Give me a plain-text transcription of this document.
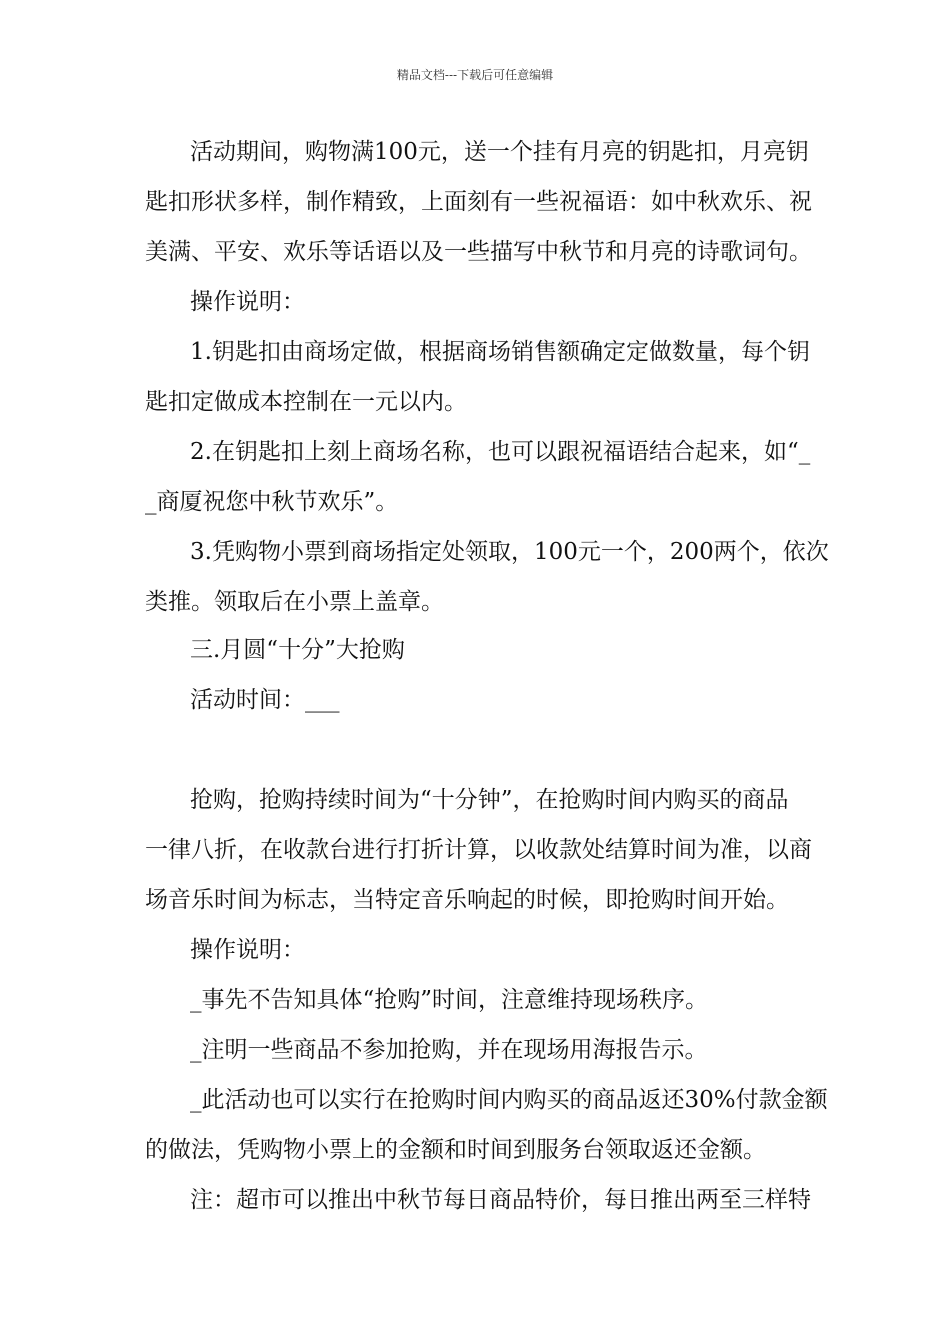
精品文档---下载后可任意编辑
活动期间，购物满100元，送一个挂有月亮的钥匙扣，月亮钥
匙扣形状多样，制作精致，上面刻有一些祝福语：如中秋欢乐、祝
美满、平安、欢乐等话语以及一些描写中秋节和月亮的诗歌词句。
操作说明：
1.钥匙扣由商场定做，根据商场销售额确定定做数量，每个钥
匙扣定做成本控制在一元以内。
2.在钥匙扣上刻上商场名称，也可以跟祝福语结合起来，如“_
_商厦祝您中秋节欢乐”。
3.凭购物小票到商场指定处领取，100元一个，200两个，依次
类推。领取后在小票上盖章。
三.月圆“十分”大抢购
活动时间：___
抢购，抢购持续时间为“十分钟”，在抢购时间内购买的商品
一律八折，在收款台进行打折计算，以收款处结算时间为准，以商
场音乐时间为标志，当特定音乐响起的时候，即抢购时间开始。
操作说明：
_事先不告知具体“抢购”时间，注意维持现场秩序。
_注明一些商品不参加抢购，并在现场用海报告示。
_此活动也可以实行在抢购时间内购买的商品返还30%付款金额
的做法，凭购物小票上的金额和时间到服务台领取返还金额。
注：超市可以推出中秋节每日商品特价，每日推出两至三样特
